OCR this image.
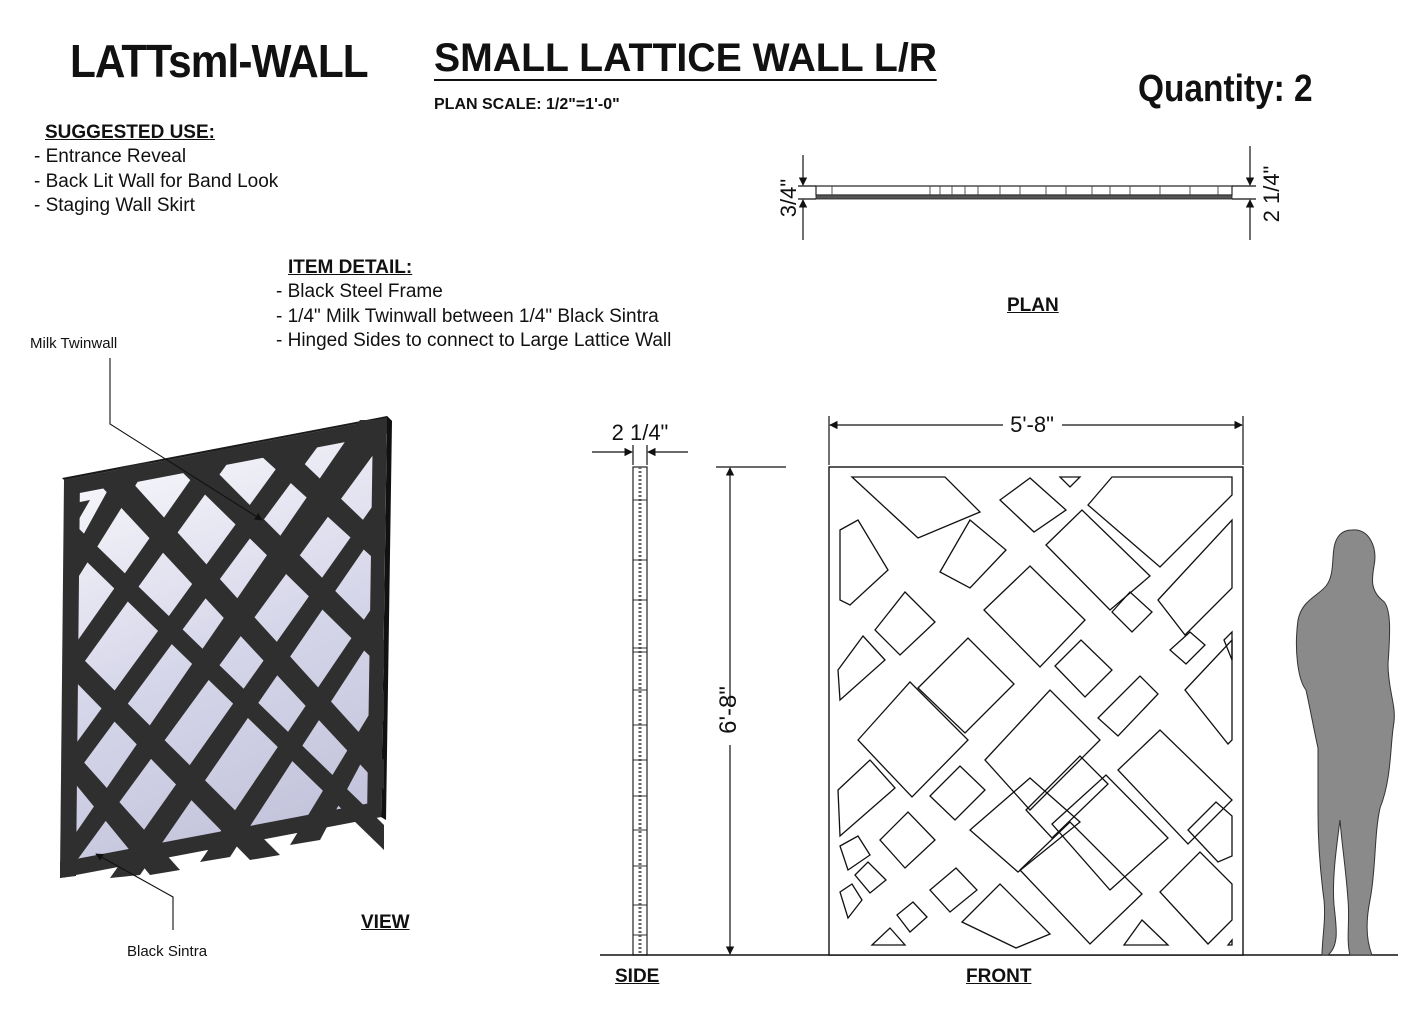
LATTsml-WALL SMALL LATTICE WALL L/R
PLAN SCALE: 1/2"=1'-0"	Quantity: 2
SUGGESTED USE:
- Entrance Reveal
- Back Lit Wall for Band Look
- Staging Wall Skirt
ITEM DETAIL:
- Black Steel Frame
- 1/4" Milk Twinwall between 1/4" Black Sintra
- Hinged Sides to connect to Large Lattice Wall
Milk Twinwall
Black Sintra
PLAN
VIEW
SIDE	FRONT
3/4"	2 1/4"
2 1/4"
6'-8"
5'-8"
